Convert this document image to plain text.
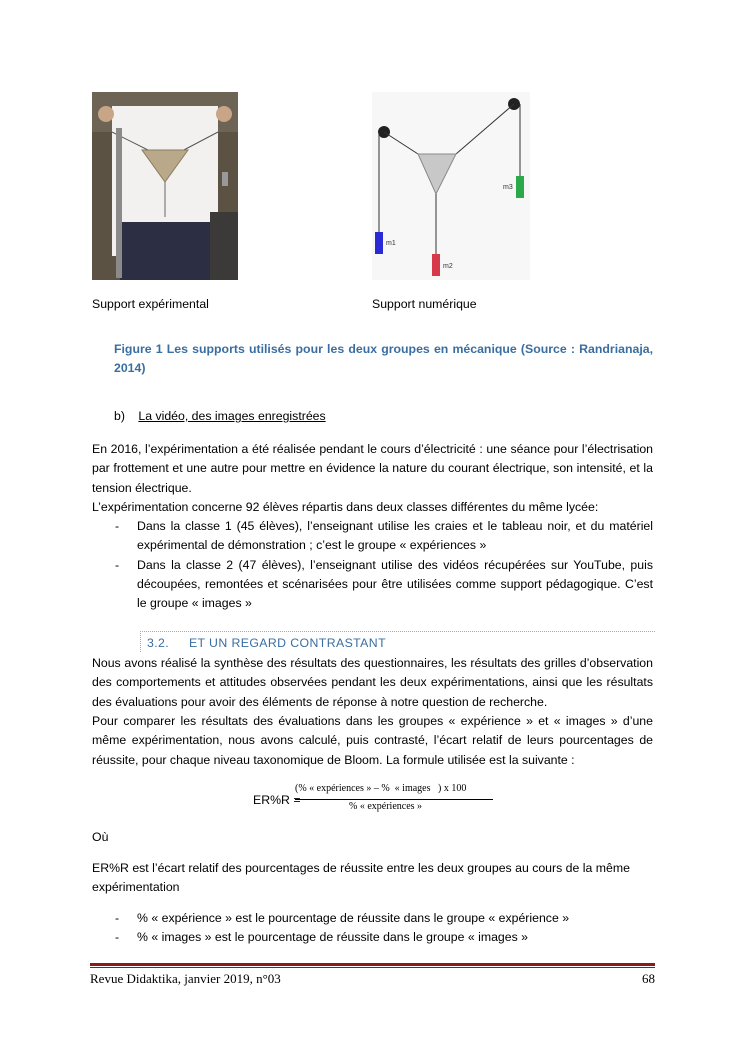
m1
m2
m3
Support expérimental	Support numérique
Figure 1 Les supports utilisés pour les deux groupes en mécanique (Source : Randrianaja, 2014)
b) La vidéo, des images enregistrées
En 2016, l’expérimentation a été réalisée pendant le cours d’électricité : une séance pour l’électrisation par frottement et une autre pour mettre en évidence la nature du courant électrique, son intensité, et la tension électrique.
L’expérimentation concerne 92 élèves répartis dans deux classes différentes du même lycée:
- Dans la classe 1 (45 élèves), l’enseignant utilise les craies et le tableau noir, et du matériel expérimental de démonstration ; c’est le groupe « expériences »
- Dans la classe 2 (47 élèves), l’enseignant utilise des vidéos récupérées sur YouTube, puis découpées, remontées et scénarisées pour être utilisées comme support pédagogique. C’est le groupe « images »
3.2. ET UN REGARD CONTRASTANT
Nous avons réalisé la synthèse des résultats des questionnaires, les résultats des grilles d’observation des comportements et attitudes observées pendant les deux expérimentations, ainsi que les résultats des évaluations pour avoir des éléments de réponse à notre question de recherche.
Pour comparer les résultats des évaluations dans les groupes « expérience » et « images » d’une même expérimentation, nous avons calculé, puis contrasté, l’écart relatif de leurs pourcentages de réussite, pour chaque niveau taxonomique de Bloom. La formule utilisée est la suivante :
ER%R =
(% « expériences » – %  « images   ) x 100
% « expériences »
Où
ER%R est l’écart relatif des pourcentages de réussite entre les deux groupes au cours de la même expérimentation
- % « expérience » est le pourcentage de réussite dans le groupe « expérience »
- % « images » est le pourcentage de réussite dans le groupe « images »
Revue Didaktika, janvier 2019, n°03	68
